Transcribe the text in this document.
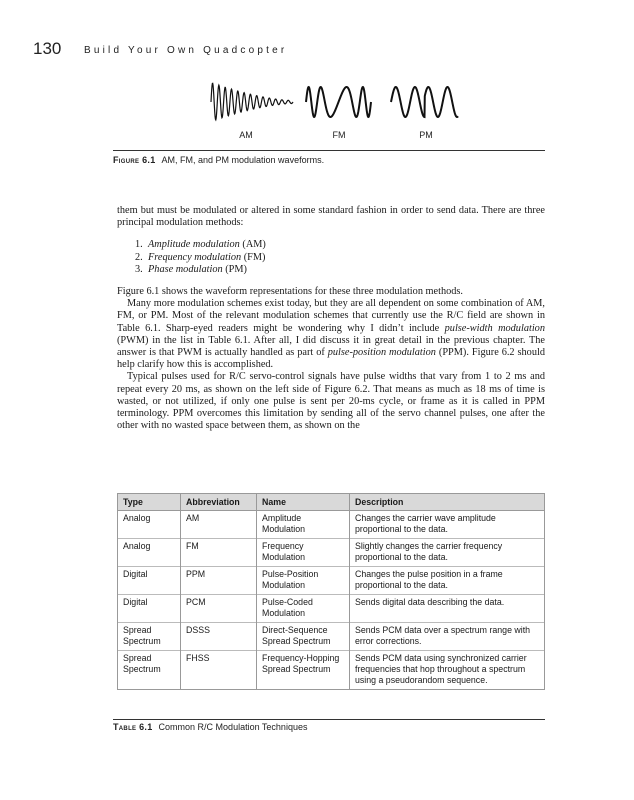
130 Build Your Own Quadcopter
AM	FM	PM
Figure 6.1 AM, FM, and PM modulation waveforms.

them but must be modulated or altered in some standard fashion in order to send data. There are three principal modulation methods:

1. Amplitude modulation (AM)
2. Frequency modulation (FM)
3. Phase modulation (PM)

Figure 6.1 shows the waveform representations for these three modulation methods.

Many more modulation schemes exist today, but they are all dependent on some combination of AM, FM, or PM. Most of the relevant modulation schemes that currently use the R/C field are shown in Table 6.1. Sharp-eyed readers might be wondering why I didn’t include pulse-width modulation (PWM) in the list in Table 6.1. After all, I did discuss it in great detail in the previous chapter. The answer is that PWM is actually handled as part of pulse-position modulation (PPM). Figure 6.2 should help clarify how this is accomplished.

Typical pulses used for R/C servo-control signals have pulse widths that vary from 1 to 2 ms and repeat every 20 ms, as shown on the left side of Figure 6.2. That means as much as 18 ms of time is wasted, or not utilized, if only one pulse is sent per 20-ms cycle, or frame as it is called in PPM terminology. PPM overcomes this limitation by sending all of the servo channel pulses, one after the other with no wasted space between them, as shown on the

Type	Abbreviation	Name	Description
Analog	AM	Amplitude Modulation	Changes the carrier wave amplitude proportional to the data.
Analog	FM	Frequency Modulation	Slightly changes the carrier frequency proportional to the data.
Digital	PPM	Pulse-Position Modulation	Changes the pulse position in a frame proportional to the data.
Digital	PCM	Pulse-Coded Modulation	Sends digital data describing the data.
Spread Spectrum	DSSS	Direct-Sequence Spread Spectrum	Sends PCM data over a spectrum range with error corrections.
Spread Spectrum	FHSS	Frequency-Hopping Spread Spectrum	Sends PCM data using synchronized carrier frequencies that hop throughout a spectrum using a pseudorandom sequence.
Table 6.1 Common R/C Modulation Techniques
